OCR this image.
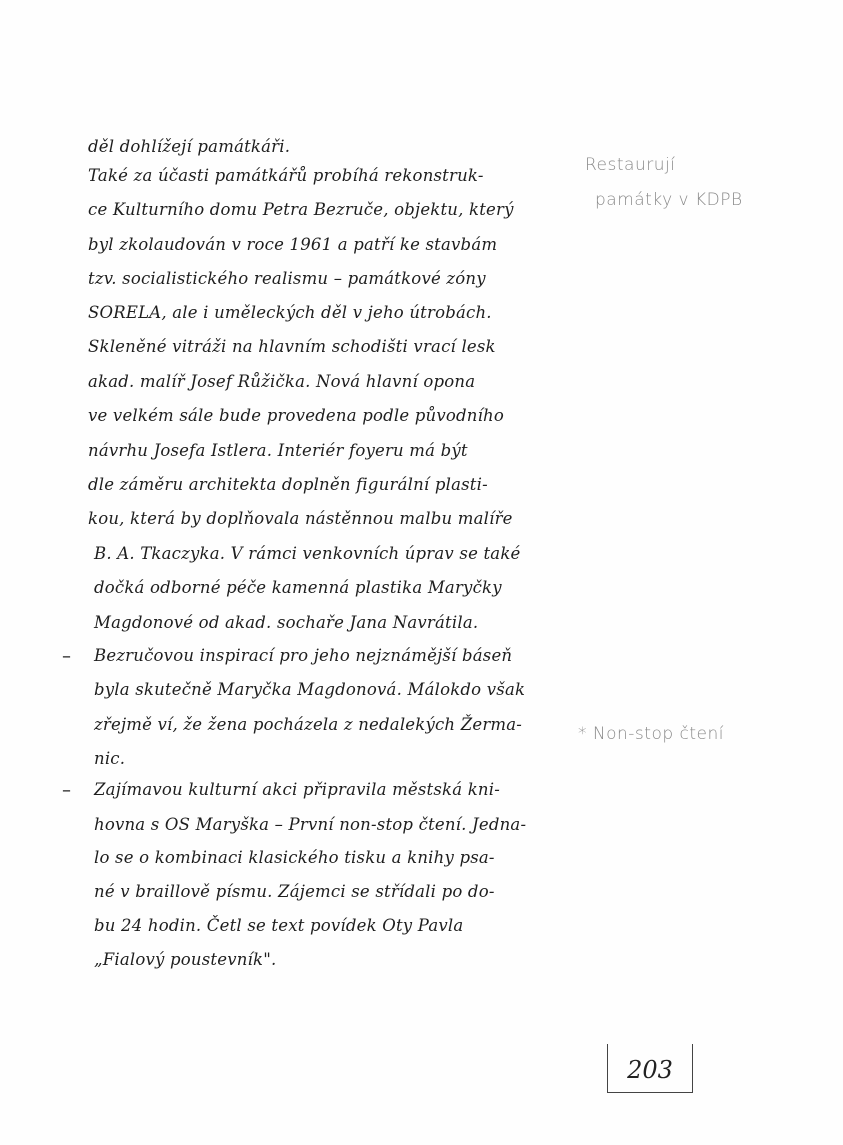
děl dohlížejí památkáři.
Také za účasti památkářů probíhá rekonstruk-
ce Kulturního domu Petra Bezruče, objektu, který
byl zkolaudován v roce 1961 a patří ke stavbám
tzv. socialistického realismu – památkové zóny
SORELA, ale i uměleckých děl v jeho útrobách.
Skleněné vitráži na hlavním schodišti vrací lesk
akad. malíř Josef Růžička. Nová hlavní opona
ve velkém sále bude provedena podle původního
návrhu Josefa Istlera. Interiér foyeru má být
dle záměru architekta doplněn figurální plasti-
kou, která by doplňovala nástěnnou malbu malíře
B. A. Tkaczyka. V rámci venkovních úprav se také
dočká odborné péče kamenná plastika Maryčky
Magdonové od akad. sochaře Jana Navrátila.
– Bezručovou inspirací pro jeho nejznámější báseň
byla skutečně Maryčka Magdonová. Málokdo však
zřejmě ví, že žena pocházela z nedalekých Žerma-
nic.
– Zajímavou kulturní akci připravila městská kni-
hovna s OS Maryška – První non-stop čtení. Jedna-
lo se o kombinaci klasického tisku a knihy psa-
né v braillově písmu. Zájemci se střídali po do-
bu 24 hodin. Četl se text povídek Oty Pavla
„Fialový poustevník".
Restaurují
památky v KDPB
* Non-stop čtení
203
